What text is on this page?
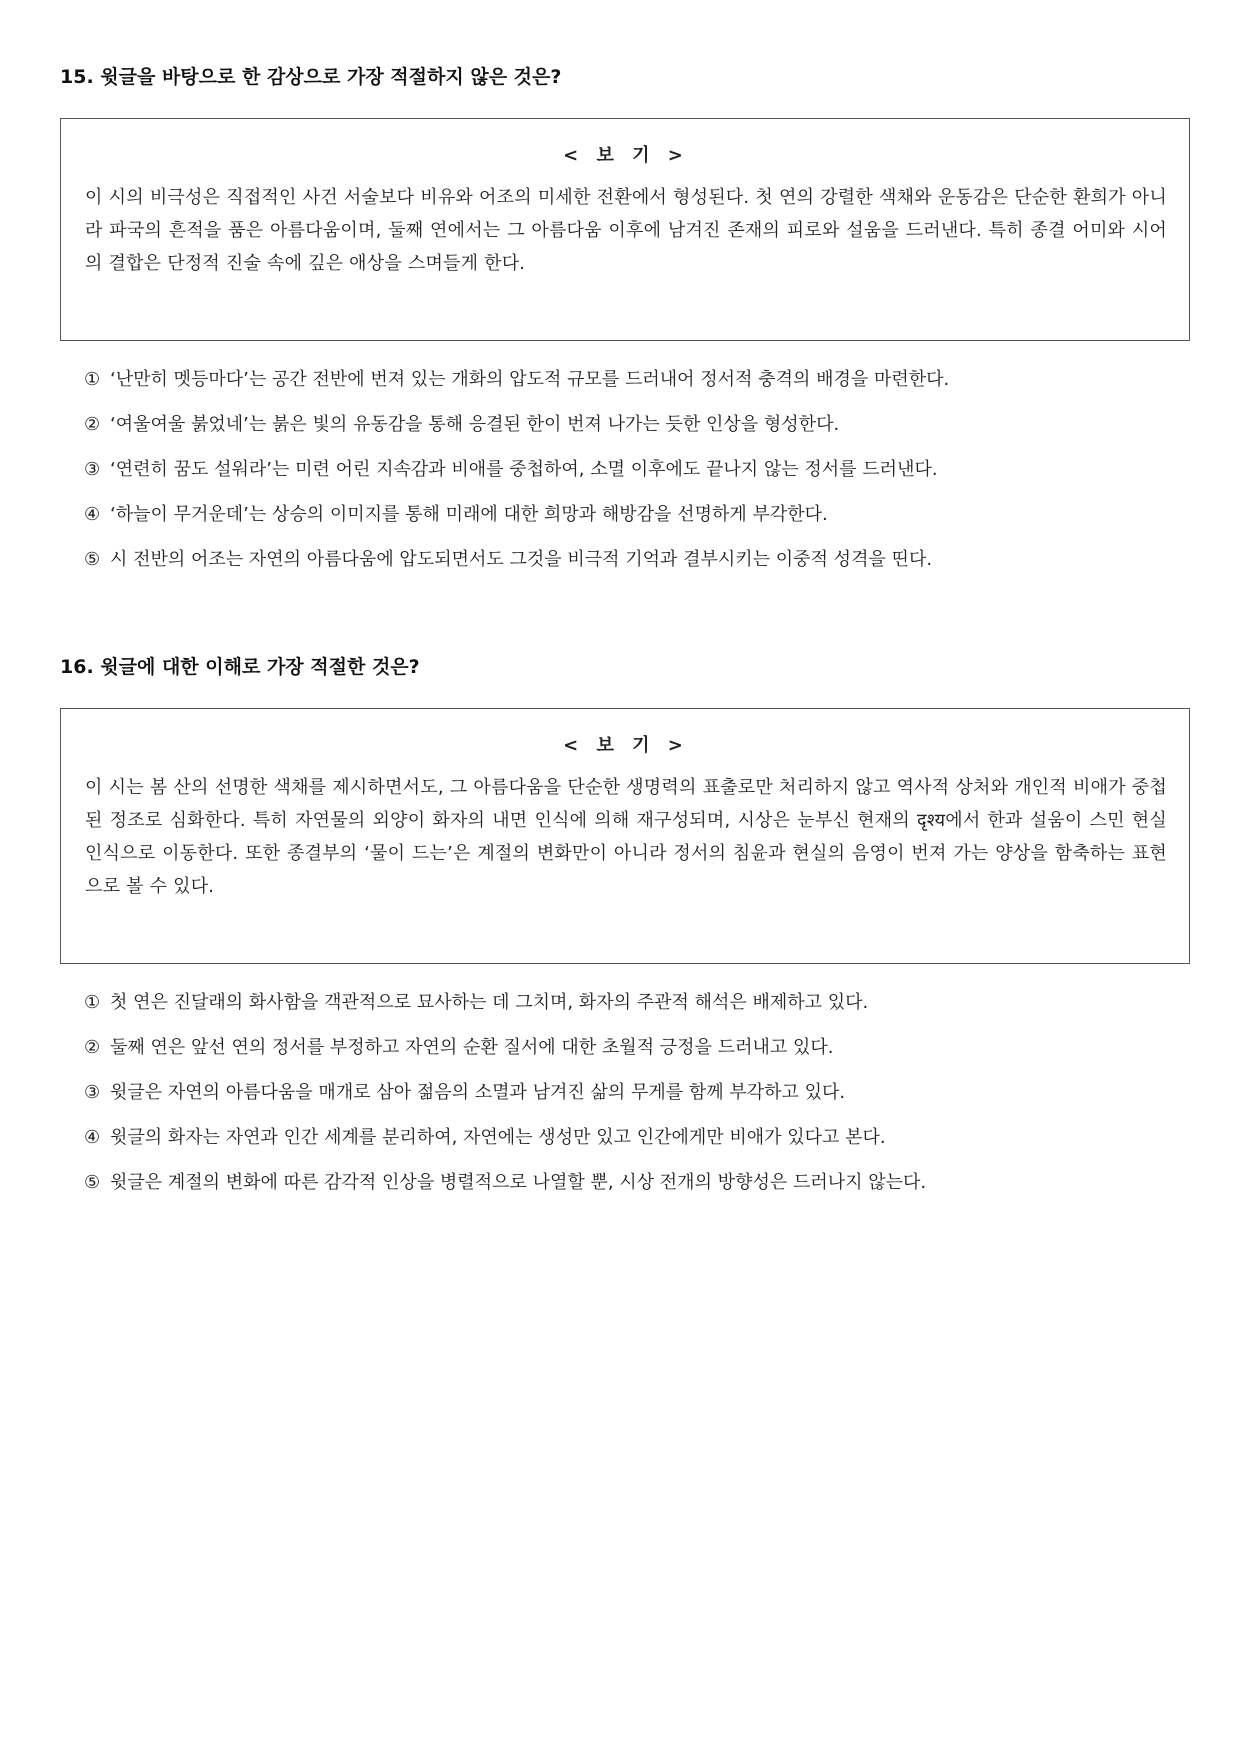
15. 윗글을 바탕으로 한 감상으로 가장 적절하지 않은 것은?

< 보 기 >

이 시의 비극성은 직접적인 사건 서술보다 비유와 어조의 미세한 전환에서 형성된다. 첫 연의 강렬한 색채와 운동감은 단순한 환희가 아니라 파국의 흔적을 품은 아름다움이며, 둘째 연에서는 그 아름다움 이후에 남겨진 존재의 피로와 설움을 드러낸다. 특히 종결 어미와 시어의 결합은 단정적 진술 속에 깊은 애상을 스며들게 한다.

① ‘난만히 멧등마다’는 공간 전반에 번져 있는 개화의 압도적 규모를 드러내어 정서적 충격의 배경을 마련한다.
② ‘여울여울 붉었네’는 붉은 빛의 유동감을 통해 응결된 한이 번져 나가는 듯한 인상을 형성한다.
③ ‘연련히 꿈도 설워라’는 미련 어린 지속감과 비애를 중첩하여, 소멸 이후에도 끝나지 않는 정서를 드러낸다.
④ ‘하늘이 무거운데’는 상승의 이미지를 통해 미래에 대한 희망과 해방감을 선명하게 부각한다.
⑤ 시 전반의 어조는 자연의 아름다움에 압도되면서도 그것을 비극적 기억과 결부시키는 이중적 성격을 띤다.
16. 윗글에 대한 이해로 가장 적절한 것은?

< 보 기 >

이 시는 봄 산의 선명한 색채를 제시하면서도, 그 아름다움을 단순한 생명력의 표출로만 처리하지 않고 역사적 상처와 개인적 비애가 중첩된 정조로 심화한다. 특히 자연물의 외양이 화자의 내면 인식에 의해 재구성되며, 시상은 눈부신 현재의 दृश्य에서 한과 설움이 스민 현실 인식으로 이동한다. 또한 종결부의 ‘물이 드는’은 계절의 변화만이 아니라 정서의 침윤과 현실의 음영이 번져 가는 양상을 함축하는 표현으로 볼 수 있다.

① 첫 연은 진달래의 화사함을 객관적으로 묘사하는 데 그치며, 화자의 주관적 해석은 배제하고 있다.
② 둘째 연은 앞선 연의 정서를 부정하고 자연의 순환 질서에 대한 초월적 긍정을 드러내고 있다.
③ 윗글은 자연의 아름다움을 매개로 삼아 젊음의 소멸과 남겨진 삶의 무게를 함께 부각하고 있다.
④ 윗글의 화자는 자연과 인간 세계를 분리하여, 자연에는 생성만 있고 인간에게만 비애가 있다고 본다.
⑤ 윗글은 계절의 변화에 따른 감각적 인상을 병렬적으로 나열할 뿐, 시상 전개의 방향성은 드러나지 않는다.
